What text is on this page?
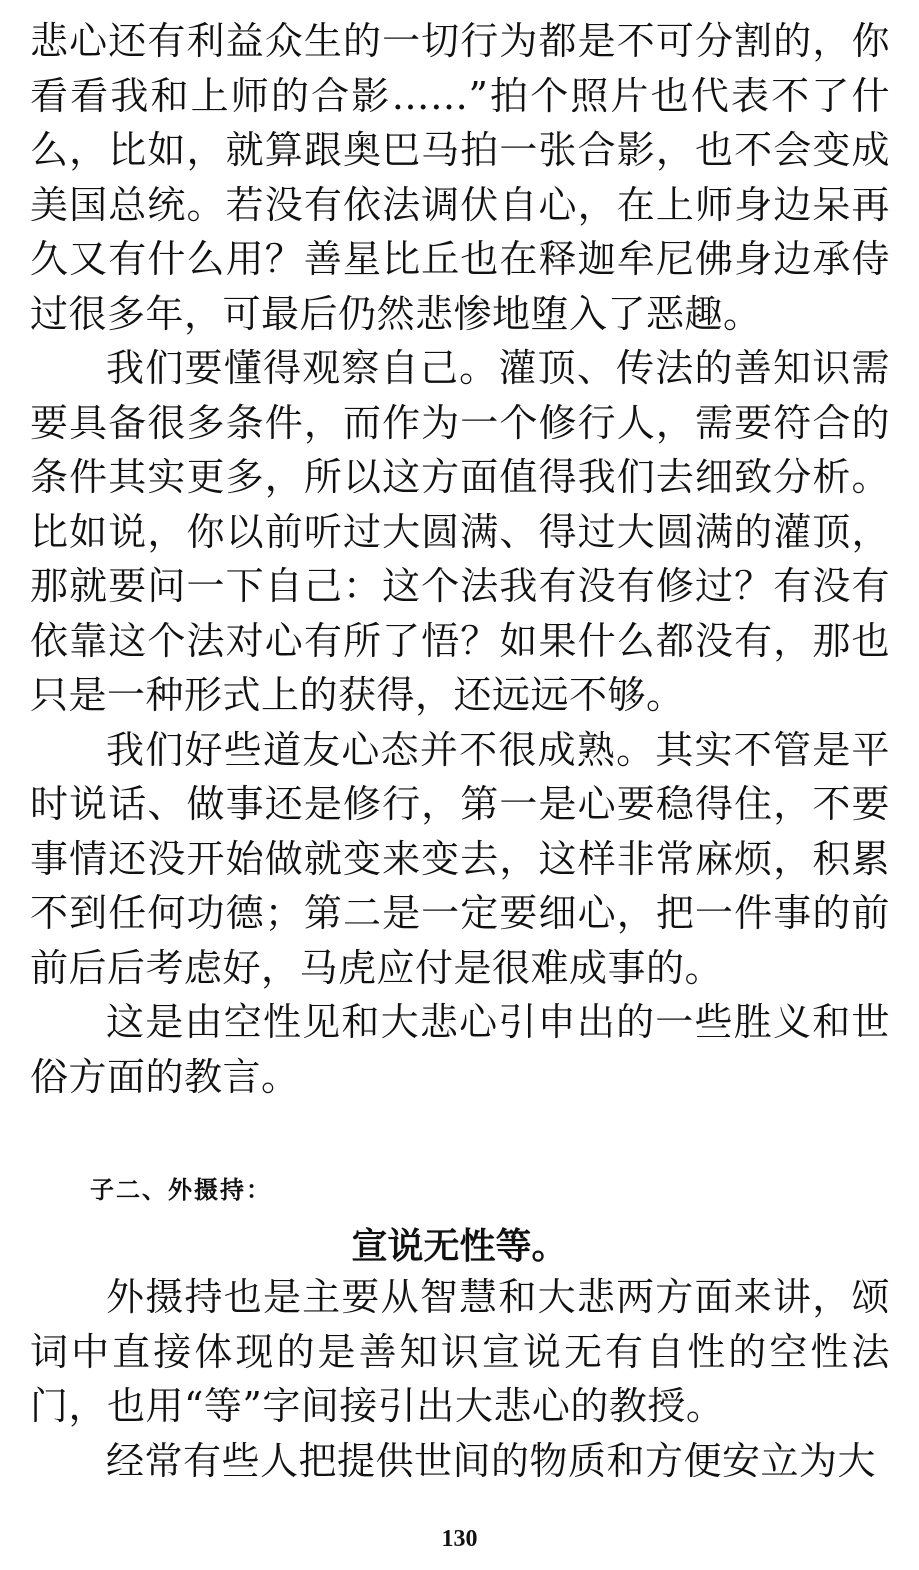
悲心还有利益众生的一切行为都是不可分割的，你看看我和上师的合影……”拍个照片也代表不了什么，比如，就算跟奥巴马拍一张合影，也不会变成美国总统。若没有依法调伏自心，在上师身边呆再久又有什么用？善星比丘也在释迦牟尼佛身边承侍过很多年，可最后仍然悲惨地堕入了恶趣。

我们要懂得观察自己。灌顶、传法的善知识需要具备很多条件，而作为一个修行人，需要符合的条件其实更多，所以这方面值得我们去细致分析。比如说，你以前听过大圆满、得过大圆满的灌顶，那就要问一下自己：这个法我有没有修过？有没有依靠这个法对心有所了悟？如果什么都没有，那也只是一种形式上的获得，还远远不够。

我们好些道友心态并不很成熟。其实不管是平时说话、做事还是修行，第一是心要稳得住，不要事情还没开始做就变来变去，这样非常麻烦，积累不到任何功德；第二是一定要细心，把一件事的前前后后考虑好，马虎应付是很难成事的。

这是由空性见和大悲心引申出的一些胜义和世俗方面的教言。

子二、外摄持：
宣说无性等。

外摄持也是主要从智慧和大悲两方面来讲，颂词中直接体现的是善知识宣说无有自性的空性法门，也用“等”字间接引出大悲心的教授。

经常有些人把提供世间的物质和方便安立为大

130
